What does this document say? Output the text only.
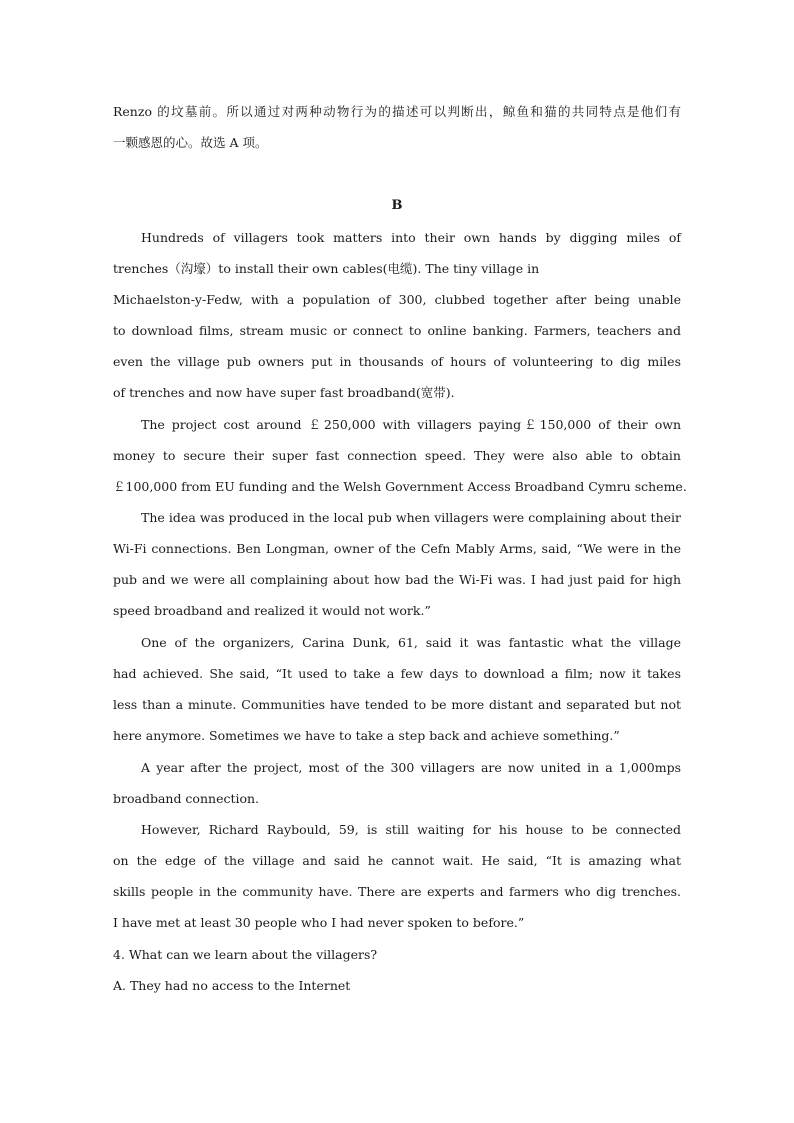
Renzo 的坟墓前。所以通过对两种动物行为的描述可以判断出，鲸鱼和猫的共同特点是他们有
一颗感恩的心。故选 A 项。
B
Hundreds of villagers took matters into their own hands by digging miles of
trenches（沟壕）to install their own cables(电缆). The tiny village in
Michaelston-y-Fedw, with a population of 300, clubbed together after being unable
to download films, stream music or connect to online banking. Farmers, teachers and
even the village pub owners put in thousands of hours of volunteering to dig miles
of trenches and now have super fast broadband(宽带).
The project cost around ￡250,000 with villagers paying￡150,000 of their own
money to secure their super fast connection speed. They were also able to obtain
￡100,000 from EU funding and the Welsh Government Access Broadband Cymru scheme.
The idea was produced in the local pub when villagers were complaining about their
Wi-Fi connections. Ben Longman, owner of the Cefn Mably Arms, said, “We were in the
pub and we were all complaining about how bad the Wi-Fi was. I had just paid for high
speed broadband and realized it would not work.”
One of the organizers, Carina Dunk, 61, said it was fantastic what the village
had achieved. She said, “It used to take a few days to download a film; now it takes
less than a minute. Communities have tended to be more distant and separated but not
here anymore. Sometimes we have to take a step back and achieve something.”
A year after the project, most of the 300 villagers are now united in a 1,000mps
broadband connection.
However, Richard Raybould, 59, is still waiting for his house to be connected
on the edge of the village and said he cannot wait. He said, “It is amazing what
skills people in the community have. There are experts and farmers who dig trenches.
I have met at least 30 people who I had never spoken to before.”
4. What can we learn about the villagers?
A. They had no access to the Internet
